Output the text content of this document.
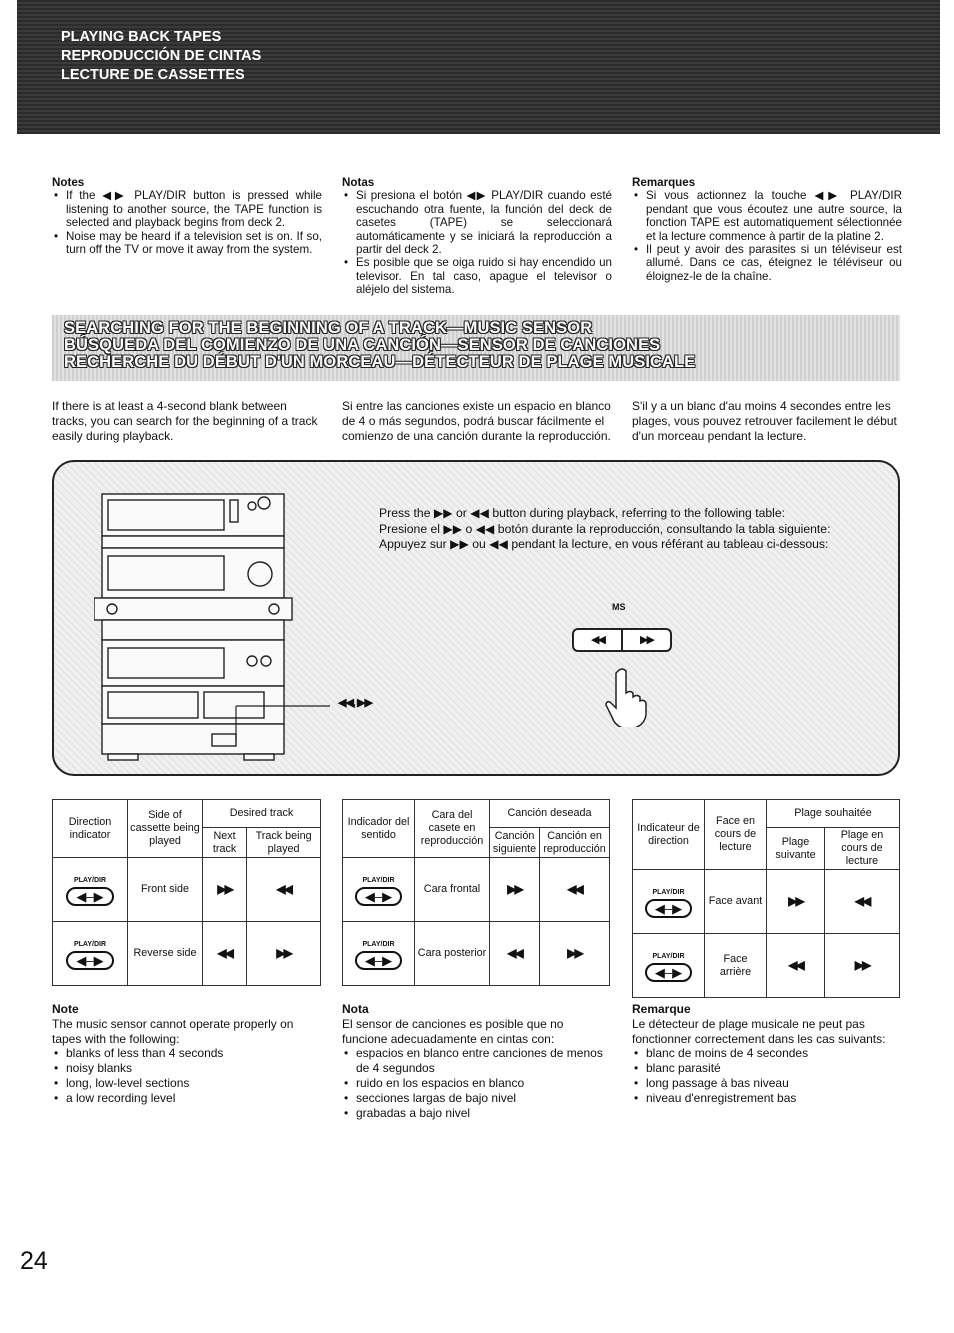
PLAYING BACK TAPES
REPRODUCCIÓN DE CINTAS
LECTURE DE CASSETTES
Notes
• If the ◀▶ PLAY/DIR button is pressed while listening to another source, the TAPE function is selected and playback begins from deck 2.
• Noise may be heard if a television set is on. If so, turn off the TV or move it away from the system.
Notas
• Si presiona el botón ◀▶ PLAY/DIR cuando esté escuchando otra fuente, la función del deck de casetes (TAPE) se seleccionará automáticamente y se iniciará la reproducción a partir del deck 2.
• Es posible que se oiga ruido si hay encendido un televisor. En tal caso, apague el televisor o aléjelo del sistema.
Remarques
• Si vous actionnez la touche ◀▶ PLAY/DIR pendant que vous écoutez une autre source, la fonction TAPE est automatiquement sélectionnée et la lecture commence à partir de la platine 2.
• Il peut y avoir des parasites si un téléviseur est allumé. Dans ce cas, éteignez le téléviseur ou éloignez-le de la chaîne.
SEARCHING FOR THE BEGINNING OF A TRACK—MUSIC SENSOR
BÚSQUEDA DEL COMIENZO DE UNA CANCIÓN—SENSOR DE CANCIONES
RECHERCHE DU DÉBUT D'UN MORCEAU—DÉTECTEUR DE PLAGE MUSICALE

If there is at least a 4-second blank between tracks, you can search for the beginning of a track easily during playback.

Si entre las canciones existe un espacio en blanco de 4 o más segundos, podrá buscar fácilmente el comienzo de una canción durante la reproducción.

S'il y a un blanc d'au moins 4 secondes entre les plages, vous pouvez retrouver facilement le début d'un morceau pendant la lecture.

◀◀, ▶▶
Press the ▶▶ or ◀◀ button during playback, referring to the following table:
Presione el ▶▶ o ◀◀ botón durante la reproducción, consultando la tabla siguiente:
Appuyez sur ▶▶ ou ◀◀ pendant la lecture, en vous référant au tableau ci-dessous:
MS
◀◀	▶▶
Direction indicator	Side of cassette being played	Desired track	
		Next track	Track being played

PLAY/DIR
◀–▶	Front side	▶▶	◀◀

PLAY/DIR
◀–▶	Reverse side	◀◀	▶▶
Indicador del sentido	Cara del casete en reproducción	Canción deseada	
		Canción siguiente	Canción en reproducción

PLAY/DIR
◀–▶	Cara frontal	▶▶	◀◀

PLAY/DIR
◀–▶	Cara posterior	◀◀	▶▶
Indicateur de direction	Face en cours de lecture	Plage souhaitée	
		Plage suivante	Plage en cours de lecture

PLAY/DIR
◀–▶	Face avant	▶▶	◀◀

PLAY/DIR
◀–▶	Face arrière	◀◀	▶▶
Note

The music sensor cannot operate properly on tapes with the following:

• blanks of less than 4 seconds
• noisy blanks
• long, low-level sections
• a low recording level
Nota

El sensor de canciones es posible que no funcione adecuadamente en cintas con:

• espacios en blanco entre canciones de menos de 4 segundos
• ruido en los espacios en blanco
• secciones largas de bajo nivel
• grabadas a bajo nivel
Remarque

Le détecteur de plage musicale ne peut pas fonctionner correctement dans les cas suivants:

• blanc de moins de 4 secondes
• blanc parasité
• long passage à bas niveau
• niveau d'enregistrement bas
24
